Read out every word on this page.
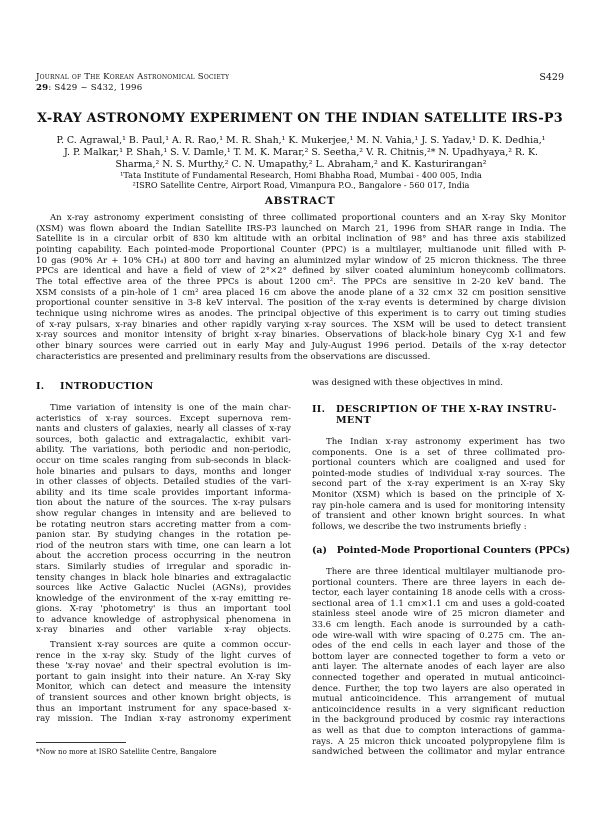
Journal of The Korean Astronomical Society
29: S429 ~ S432, 1996
S429
X-RAY ASTRONOMY EXPERIMENT ON THE INDIAN SATELLITE IRS-P3
P. C. Agrawal,¹ B. Paul,¹ A. R. Rao,¹ M. R. Shah,¹ K. Mukerjee,¹ M. N. Vahia,¹ J. S. Yadav,¹ D. K. Dedhia,¹
J. P. Malkar,¹ P. Shah,¹ S. V. Damle,¹ T. M. K. Marar,² S. Seetha,² V. R. Chitnis,²* N. Upadhyaya,² R. K.
Sharma,² N. S. Murthy,² C. N. Umapathy,² L. Abraham,² and K. Kasturirangan²
¹Tata Institute of Fundamental Research, Homi Bhabha Road, Mumbai - 400 005, India
²ISRO Satellite Centre, Airport Road, Vimanpura P.O., Bangalore - 560 017, India
ABSTRACT
An x-ray astronomy experiment consisting of three collimated proportional counters and an X-ray Sky Monitor
(XSM) was flown aboard the Indian Satellite IRS-P3 launched on March 21, 1996 from SHAR range in India. The
Satellite is in a circular orbit of 830 km altitude with an orbital inclination of 98° and has three axis stabilized
pointing capability. Each pointed-mode Proportional Counter (PPC) is a multilayer, multianode unit filled with P-
10 gas (90% Ar + 10% CH₄) at 800 torr and having an aluminized mylar window of 25 micron thickness. The three
PPCs are identical and have a field of view of 2°×2° defined by silver coated aluminium honeycomb collimators.
The total effective area of the three PPCs is about 1200 cm². The PPCs are sensitive in 2-20 keV band. The
XSM consists of a pin-hole of 1 cm² area placed 16 cm above the anode plane of a 32 cm× 32 cm position sensitive
proportional counter sensitive in 3-8 keV interval. The position of the x-ray events is determined by charge division
technique using nichrome wires as anodes. The principal objective of this experiment is to carry out timing studies
of x-ray pulsars, x-ray binaries and other rapidly varying x-ray sources. The XSM will be used to detect transient
x-ray sources and monitor intensity of bright x-ray binaries. Observations of black-hole binary Cyg X-1 and few
other binary sources were carried out in early May and July-August 1996 period. Details of the x-ray detector
characteristics are presented and preliminary results from the observations are discussed.
I. INTRODUCTION
Time variation of intensity is one of the main char-
acteristics of x-ray sources. Except supernova rem-
nants and clusters of galaxies, nearly all classes of x-ray
sources, both galactic and extragalactic, exhibit vari-
ability. The variations, both periodic and non-periodic,
occur on time scales ranging from sub-seconds in black-
hole binaries and pulsars to days, months and longer
in other classes of objects. Detailed studies of the vari-
ability and its time scale provides important informa-
tion about the nature of the sources. The x-ray pulsars
show regular changes in intensity and are believed to
be rotating neutron stars accreting matter from a com-
panion star. By studying changes in the rotation pe-
riod of the neutron stars with time, one can learn a lot
about the accretion process occurring in the neutron
stars. Similarly studies of irregular and sporadic in-
tensity changes in black hole binaries and extragalactic
sources like Active Galactic Nuclei (AGNs), provides
knowledge of the environment of the x-ray emitting re-
gions. X-ray 'photometry' is thus an important tool
to advance knowledge of astrophysical phenomena in
x-ray binaries and other variable x-ray objects.
Transient x-ray sources are quite a common occur-
rence in the x-ray sky. Study of the light curves of
these 'x-ray novae' and their spectral evolution is im-
portant to gain insight into their nature. An X-ray Sky
Monitor, which can detect and measure the intensity
of transient sources and other known bright objects, is
thus an important instrument for any space-based x-
ray mission. The Indian x-ray astronomy experiment
was designed with these objectives in mind.
II. DESCRIPTION OF THE X-RAY INSTRU-
MENT
The Indian x-ray astronomy experiment has two
components. One is a set of three collimated pro-
portional counters which are coaligned and used for
pointed-mode studies of individual x-ray sources. The
second part of the x-ray experiment is an X-ray Sky
Monitor (XSM) which is based on the principle of X-
ray pin-hole camera and is used for monitoring intensity
of transient and other known bright sources. In what
follows, we describe the two instruments briefly :
(a) Pointed-Mode Proportional Counters (PPCs)
There are three identical multilayer multianode pro-
portional counters. There are three layers in each de-
tector, each layer containing 18 anode cells with a cross-
sectional area of 1.1 cm×1.1 cm and uses a gold-coated
stainless steel anode wire of 25 micron diameter and
33.6 cm length. Each anode is surrounded by a cath-
ode wire-wall with wire spacing of 0.275 cm. The an-
odes of the end cells in each layer and those of the
bottom layer are connected together to form a veto or
anti layer. The alternate anodes of each layer are also
connected together and operated in mutual anticoinci-
dence. Further, the top two layers are also operated in
mutual anticoincidence. This arrangement of mutual
anticoincidence results in a very significant reduction
in the background produced by cosmic ray interactions
as well as that due to compton interactions of gamma-
rays. A 25 micron thick uncoated polypropylene film is
sandwiched between the collimator and mylar entrance
*Now no more at ISRO Satellite Centre, Bangalore
